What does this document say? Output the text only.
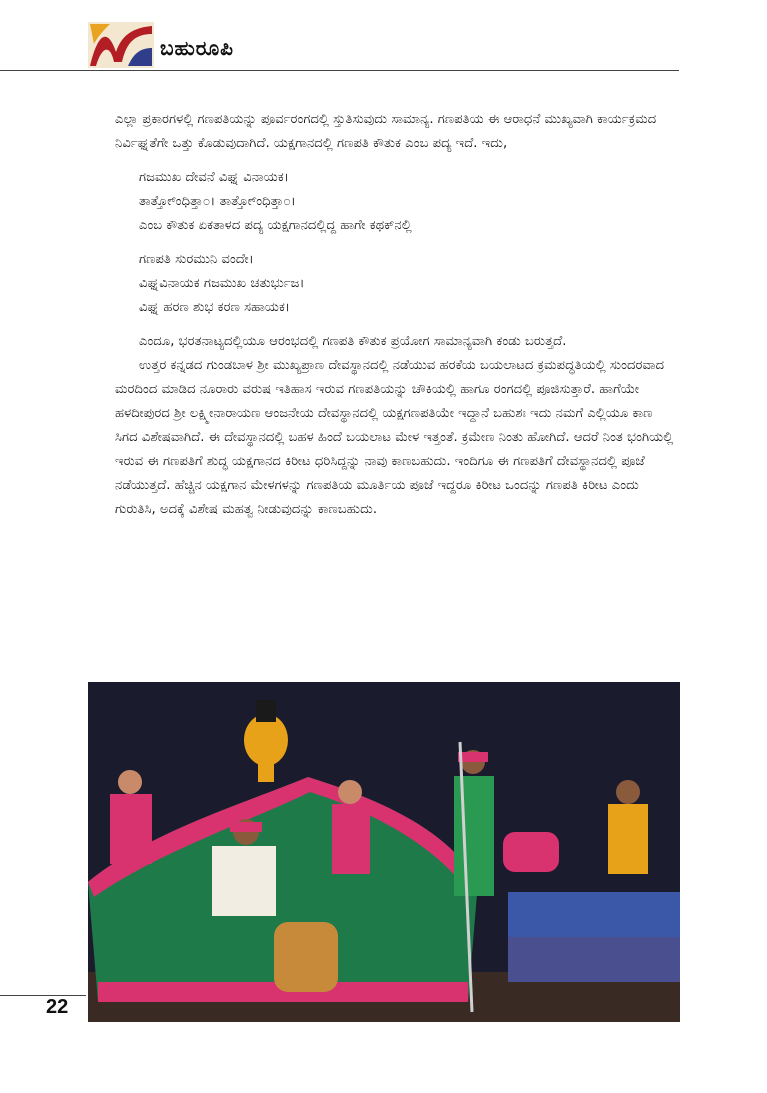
ಬಹುರೂಪಿ

ಎಲ್ಲಾ ಪ್ರಕಾರಗಳಲ್ಲಿ ಗಣಪತಿಯನ್ನು ಪೂರ್ವರಂಗದಲ್ಲಿ ಸ್ತುತಿಸುವುದು ಸಾಮಾನ್ಯ. ಗಣಪತಿಯ ಈ ಆರಾಧನೆ ಮುಖ್ಯವಾಗಿ ಕಾರ್ಯಕ್ರಮದ ನಿರ್ವಿಘ್ನತೆಗೇ ಒತ್ತು ಕೊಡುವುದಾಗಿದೆ. ಯಕ್ಷಗಾನದಲ್ಲಿ ಗಣಪತಿ ಕೌತುಕ ಎಂಬ ಪದ್ಯ ಇದೆ. ಇದು,

ಗಜಮುಖ ದೇವನೆ ವಿಘ್ನ ವಿನಾಯಕ।
ತಾತ್ತೋ್ಂಧಿತ್ತಾ೦। ತಾತ್ತೋ್ಂಧಿತ್ತಾ೦।
ಎಂಬ ಕೌತುಕ ಏಕತಾಳದ ಪದ್ಯ ಯಕ್ಷಗಾನದಲ್ಲಿದ್ದ ಹಾಗೇ ಕಥಕ್‌ನಲ್ಲಿ
ಗಣಪತಿ ಸುರಮುನಿ ವಂದೇ।
ವಿಘ್ನವಿನಾಯಕ ಗಜಮುಖ ಚತುರ್ಭುಜ।
ವಿಘ್ನ ಹರಣ ಶುಭ ಕರಣ ಸಹಾಯಕ।

ಎಂದೂ, ಭರತನಾಟ್ಯದಲ್ಲಿಯೂ ಆರಂಭದಲ್ಲಿ ಗಣಪತಿ ಕೌತುಕ ಪ್ರಯೋಗ ಸಾಮಾನ್ಯವಾಗಿ ಕಂಡು ಬರುತ್ತದೆ.

ಉತ್ತರ ಕನ್ನಡದ ಗುಂಡಬಾಳ ಶ್ರೀ ಮುಖ್ಯಪ್ರಾಣ ದೇವಸ್ಥಾನದಲ್ಲಿ ನಡೆಯುವ ಹರಕೆಯ ಬಯಲಾಟದ ಕ್ರಮಪದ್ಧತಿಯಲ್ಲಿ ಸುಂದರವಾದ ಮರದಿಂದ ಮಾಡಿದ ನೂರಾರು ವರುಷ ಇತಿಹಾಸ ಇರುವ ಗಣಪತಿಯನ್ನು ಚೌಕಿಯಲ್ಲಿ ಹಾಗೂ ರಂಗದಲ್ಲಿ ಪೂಜಿಸುತ್ತಾರೆ. ಹಾಗೆಯೇ ಹಳದೀಪುರದ ಶ್ರೀ ಲಕ್ಷ್ಮೀನಾರಾಯಣ ಆಂಜನೇಯ ದೇವಸ್ಥಾನದಲ್ಲಿ ಯಕ್ಷಗಣಪತಿಯೇ ಇದ್ದಾನೆ ಬಹುಶಃ ಇದು ನಮಗೆ ಎಲ್ಲಿಯೂ ಕಾಣ ಸಿಗದ ವಿಶೇಷವಾಗಿದೆ. ಈ ದೇವಸ್ಥಾನದಲ್ಲಿ ಬಹಳ ಹಿಂದೆ ಬಯಲಾಟ ಮೇಳ ಇತ್ತಂತೆ. ಕ್ರಮೇಣ ನಿಂತು ಹೋಗಿದೆ. ಆದರೆ ನಿಂತ ಭಂಗಿಯಲ್ಲಿ ಇರುವ ಈ ಗಣಪತಿಗೆ ಶುದ್ಧ ಯಕ್ಷಗಾನದ ಕಿರೀಟ ಧರಿಸಿದ್ದನ್ನು ನಾವು ಕಾಣಬಹುದು. ಇಂದಿಗೂ ಈ ಗಣಪತಿಗೆ ದೇವಸ್ಥಾನದಲ್ಲಿ ಪೂಜೆ ನಡೆಯುತ್ತದೆ. ಹೆಚ್ಚಿನ ಯಕ್ಷಗಾನ ಮೇಳಗಳನ್ನು ಗಣಪತಿಯ ಮೂರ್ತಿಯ ಪೂಜೆ ಇದ್ದರೂ ಕಿರೀಟ ಒಂದನ್ನು ಗಣಪತಿ ಕಿರೀಟ ಎಂದು ಗುರುತಿಸಿ, ಅದಕ್ಕೆ ವಿಶೇಷ ಮಹತ್ವ ನೀಡುವುದನ್ನು ಕಾಣಬಹುದು.

22
